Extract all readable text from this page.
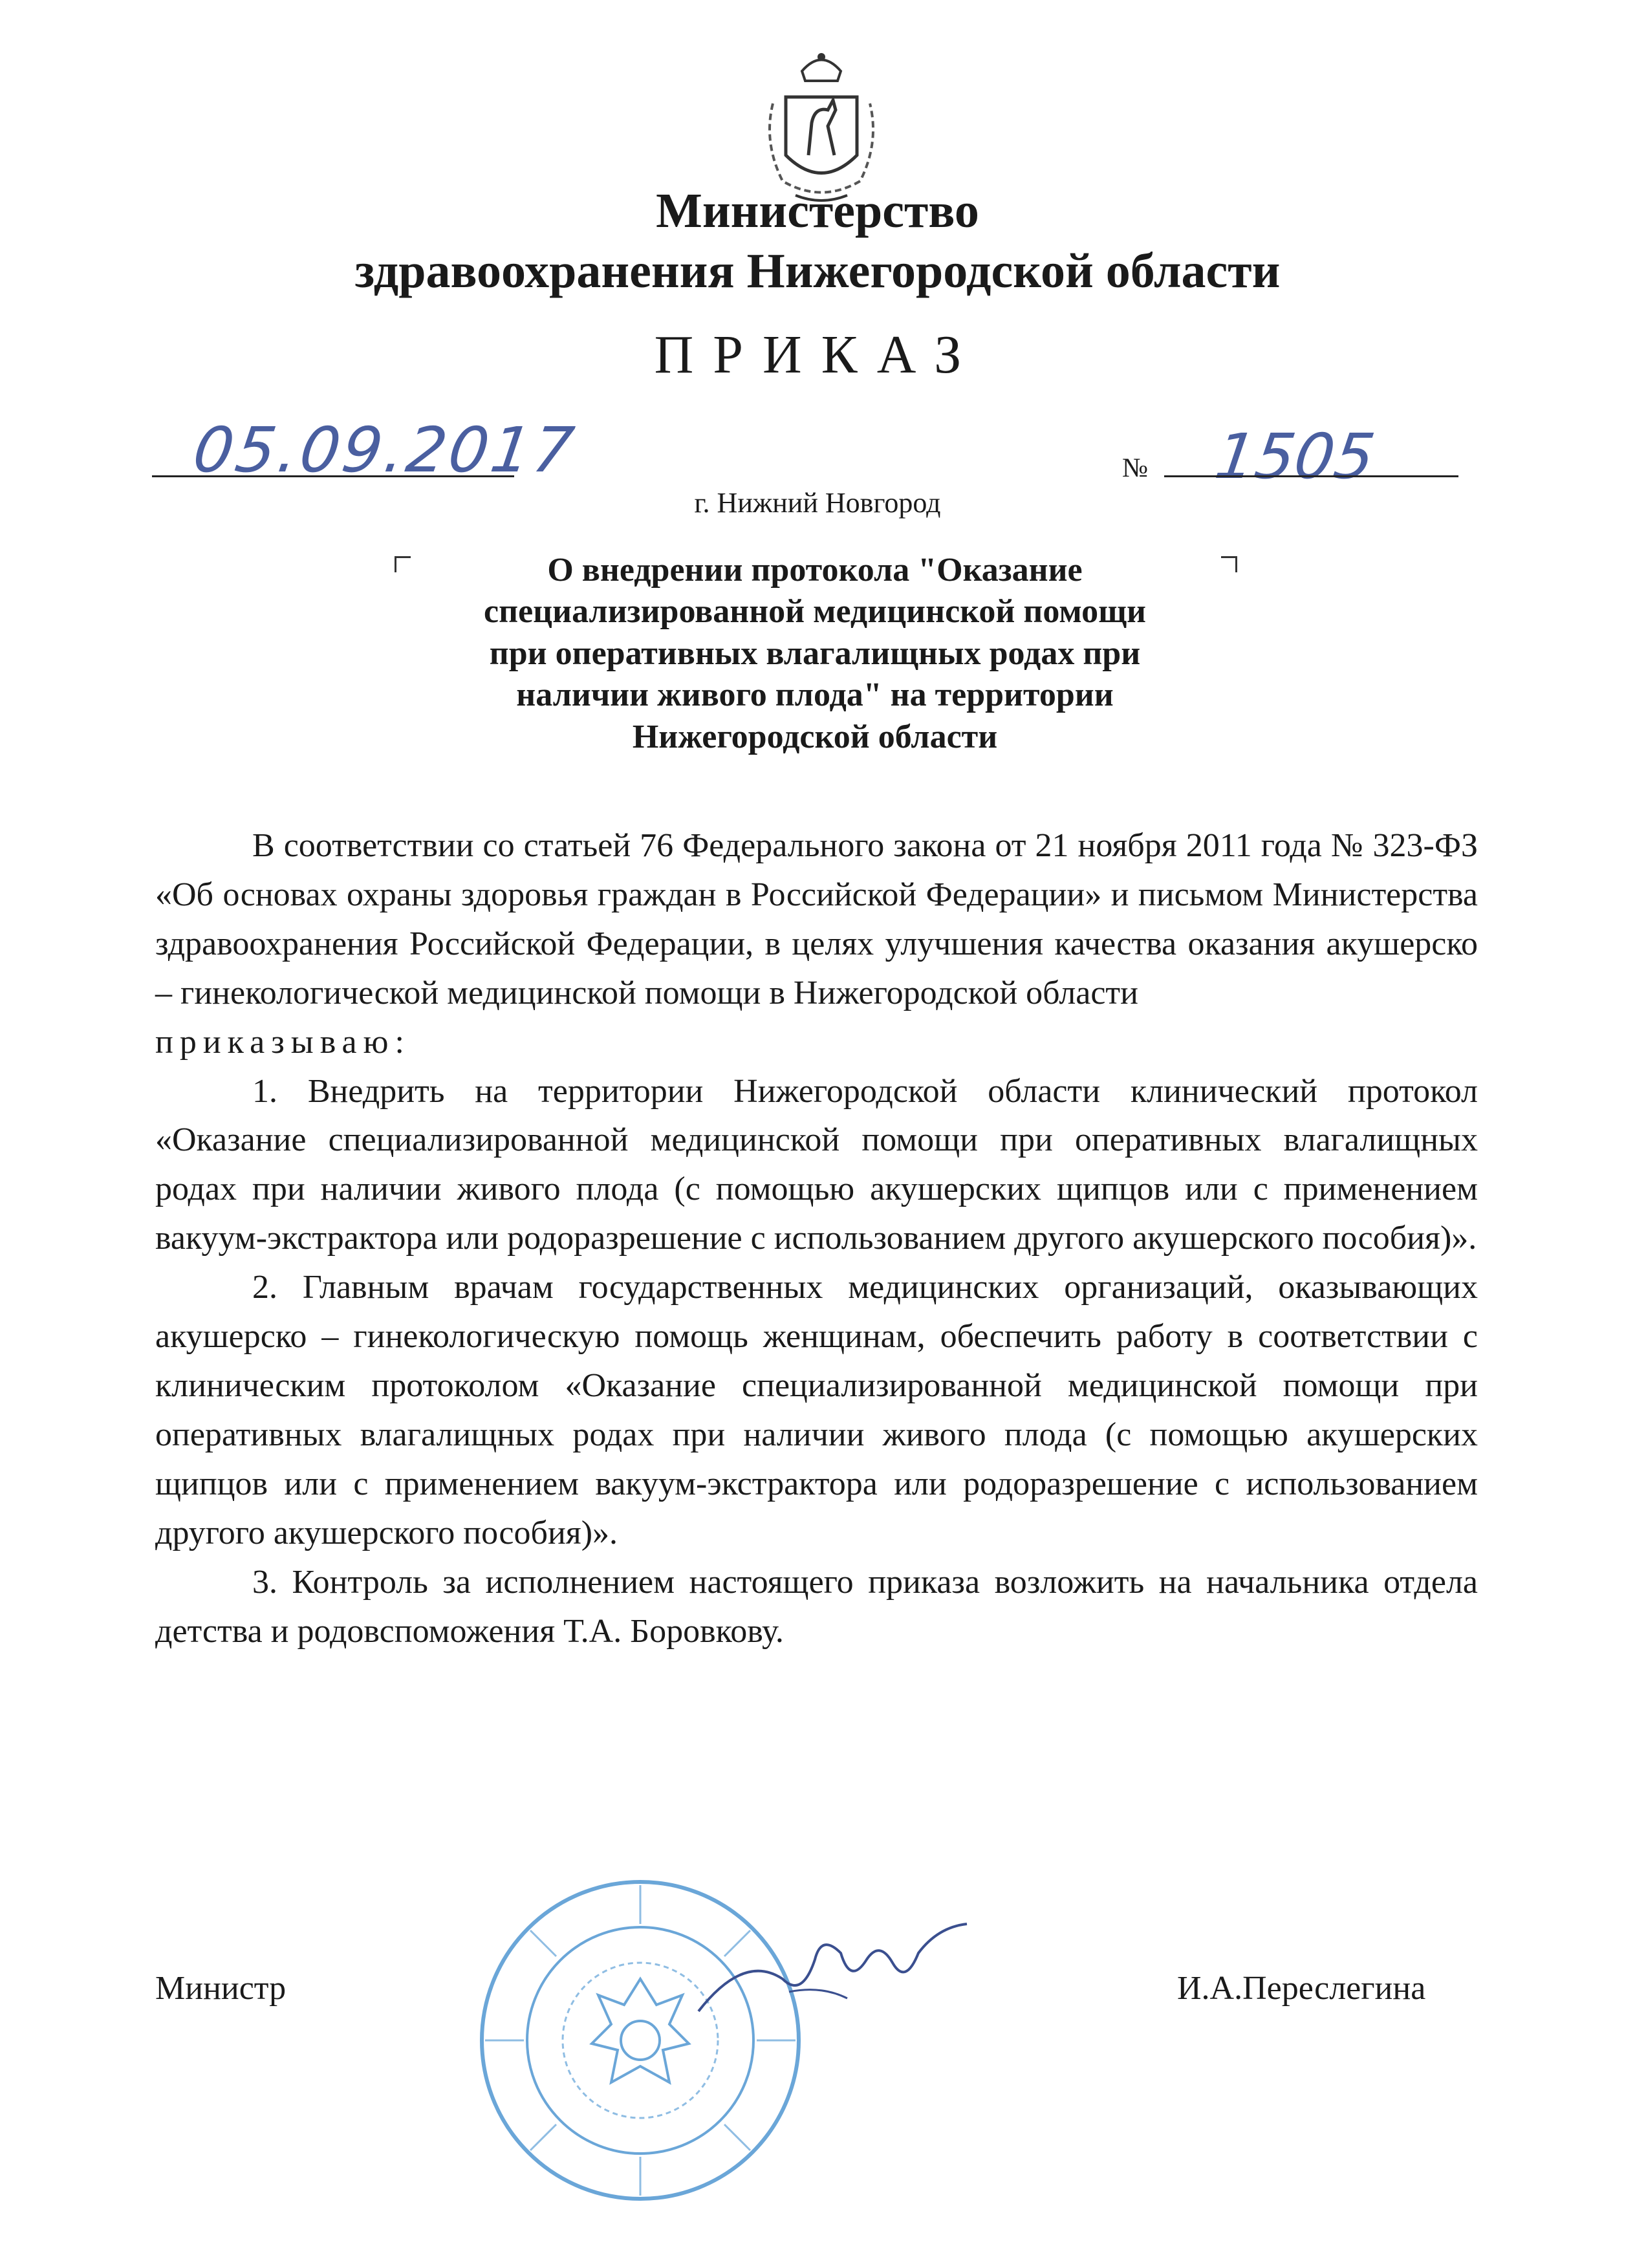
Министерство
здравоохранения Нижегородской области
ПРИКАЗ
05.09.2017	№ 1505
г. Нижний Новгород
О внедрении протокола "Оказание
специализированной медицинской помощи
при оперативных влагалищных родах при
наличии живого плода" на территории
Нижегородской области

В соответствии со статьей 76 Федерального закона от 21 ноября 2011 года № 323-ФЗ «Об основах охраны здоровья граждан в Российской Федерации» и письмом Министерства здравоохранения Российской Федерации, в целях улучшения качества оказания акушерско – гинекологической медицинской помощи в Нижегородской области

приказываю:

1. Внедрить на территории Нижегородской области клинический протокол «Оказание специализированной медицинской помощи при оперативных влагалищных родах при наличии живого плода (с помощью акушерских щипцов или с применением вакуум-экстрактора или родоразрешение с использованием другого акушерского пособия)».

2. Главным врачам государственных медицинских организаций, оказывающих акушерско – гинекологическую помощь женщинам, обеспечить работу в соответствии с клиническим протоколом «Оказание специализированной медицинской помощи при оперативных влагалищных родах при наличии живого плода (с помощью акушерских щипцов или с применением вакуум-экстрактора или родоразрешение с использованием другого акушерского пособия)».

3. Контроль за исполнением настоящего приказа возложить на начальника отдела детства и родовспоможения Т.А. Боровкову.

Министр	И.А.Переслегина
